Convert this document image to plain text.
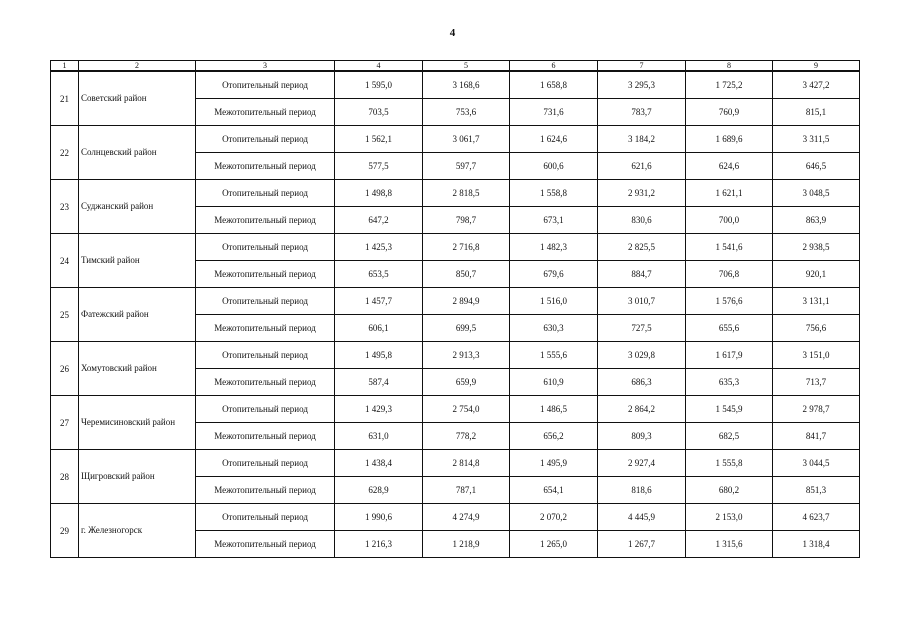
4
1	2	3	4	5	6	7	8	9
21	Советский район	Отопительный период	1 595,0	3 168,6	1 658,8	3 295,3	1 725,2	3 427,2
		Межотопительный период	703,5	753,6	731,6	783,7	760,9	815,1
22	Солнцевский район	Отопительный период	1 562,1	3 061,7	1 624,6	3 184,2	1 689,6	3 311,5
		Межотопительный период	577,5	597,7	600,6	621,6	624,6	646,5
23	Суджанский район	Отопительный период	1 498,8	2 818,5	1 558,8	2 931,2	1 621,1	3 048,5
		Межотопительный период	647,2	798,7	673,1	830,6	700,0	863,9
24	Тимский район	Отопительный период	1 425,3	2 716,8	1 482,3	2 825,5	1 541,6	2 938,5
		Межотопительный период	653,5	850,7	679,6	884,7	706,8	920,1
25	Фатежский район	Отопительный период	1 457,7	2 894,9	1 516,0	3 010,7	1 576,6	3 131,1
		Межотопительный период	606,1	699,5	630,3	727,5	655,6	756,6
26	Хомутовский район	Отопительный период	1 495,8	2 913,3	1 555,6	3 029,8	1 617,9	3 151,0
		Межотопительный период	587,4	659,9	610,9	686,3	635,3	713,7
27	Черемисиновский район	Отопительный период	1 429,3	2 754,0	1 486,5	2 864,2	1 545,9	2 978,7
		Межотопительный период	631,0	778,2	656,2	809,3	682,5	841,7
28	Щигровский район	Отопительный период	1 438,4	2 814,8	1 495,9	2 927,4	1 555,8	3 044,5
		Межотопительный период	628,9	787,1	654,1	818,6	680,2	851,3
29	г. Железногорск	Отопительный период	1 990,6	4 274,9	2 070,2	4 445,9	2 153,0	4 623,7
		Межотопительный период	1 216,3	1 218,9	1 265,0	1 267,7	1 315,6	1 318,4
